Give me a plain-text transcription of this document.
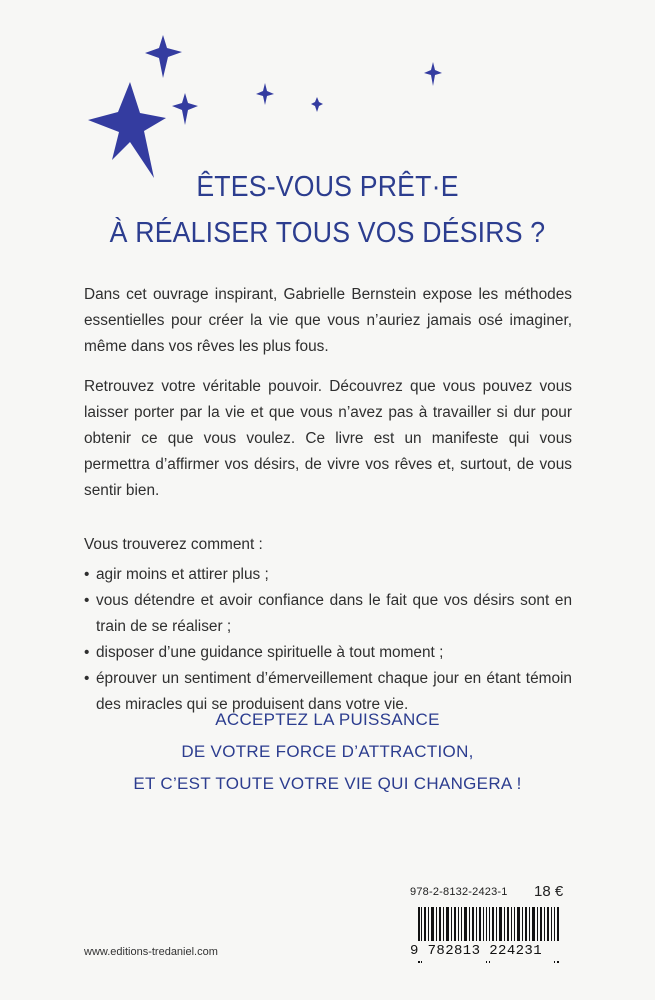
ÊTES-VOUS PRÊT·E
À RÉALISER TOUS VOS DÉSIRS ?

Dans cet ouvrage inspirant, Gabrielle Bernstein expose les méthodes essentielles pour créer la vie que vous n’auriez jamais osé imaginer, même dans vos rêves les plus fous.

Retrouvez votre véritable pouvoir. Découvrez que vous pouvez vous laisser porter par la vie et que vous n’avez pas à travailler si dur pour obtenir ce que vous voulez. Ce livre est un manifeste qui vous permettra d’affirmer vos désirs, de vivre vos rêves et, surtout, de vous sentir bien.

Vous trouverez comment :

• agir moins et attirer plus ;
• vous détendre et avoir confiance dans le fait que vos désirs sont en train de se réaliser ;
• disposer d’une guidance spirituelle à tout moment ;
• éprouver un sentiment d’émerveillement chaque jour en étant témoin des miracles qui se produisent dans votre vie.
ACCEPTEZ LA PUISSANCE
DE VOTRE FORCE D’ATTRACTION,
ET C’EST TOUTE VOTRE VIE QUI CHANGERA !
978-2-8132-2423-1 18 €
9 782813 224231
www.editions-tredaniel.com
